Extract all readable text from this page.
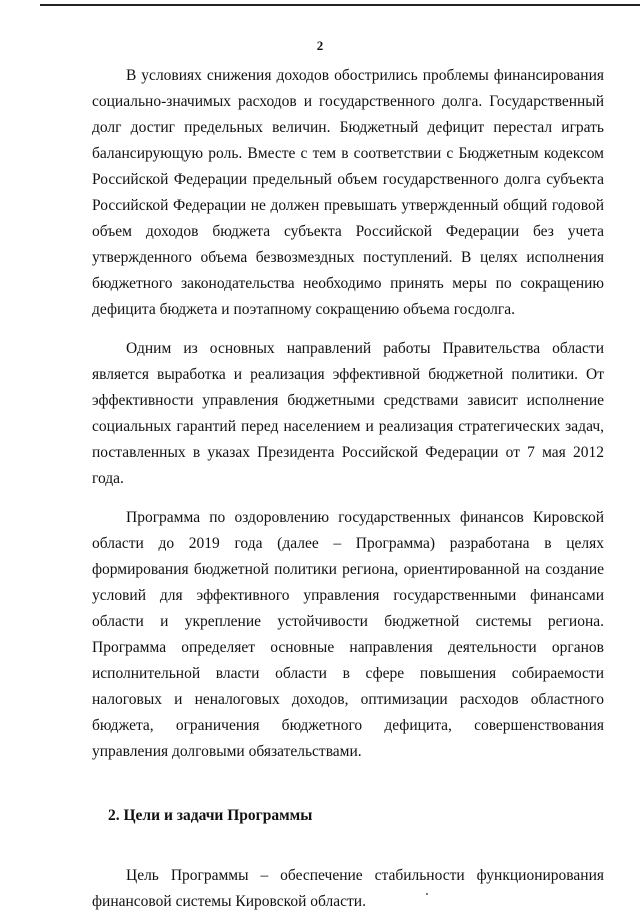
2

В условиях снижения доходов обострились проблемы финансирования социально-значимых расходов и государственного долга. Государственный долг достиг предельных величин. Бюджетный дефицит перестал играть балансирующую роль. Вместе с тем в соответствии с Бюджетным кодексом Российской Федерации предельный объем государственного долга субъекта Российской Федерации не должен превышать утвержденный общий годовой объем доходов бюджета субъекта Российской Федерации без учета утвержденного объема безвозмездных поступлений. В целях исполнения бюджетного законодательства необходимо принять меры по сокращению дефицита бюджета и поэтапному сокращению объема госдолга.

Одним из основных направлений работы Правительства области является выработка и реализация эффективной бюджетной политики. От эффективности управления бюджетными средствами зависит исполнение социальных гарантий перед населением и реализация стратегических задач, поставленных в указах Президента Российской Федерации от 7 мая 2012 года.

Программа по оздоровлению государственных финансов Кировской области до 2019 года (далее – Программа) разработана в целях формирования бюджетной политики региона, ориентированной на создание условий для эффективного управления государственными финансами области и укрепление устойчивости бюджетной системы региона. Программа определяет основные направления деятельности органов исполнительной власти области в сфере повышения собираемости налоговых и неналоговых доходов, оптимизации расходов областного бюджета, ограничения бюджетного дефицита, совершенствования управления долговыми обязательствами.

2. Цели и задачи Программы

Цель Программы – обеспечение стабильности функционирования финансовой системы Кировской области.
